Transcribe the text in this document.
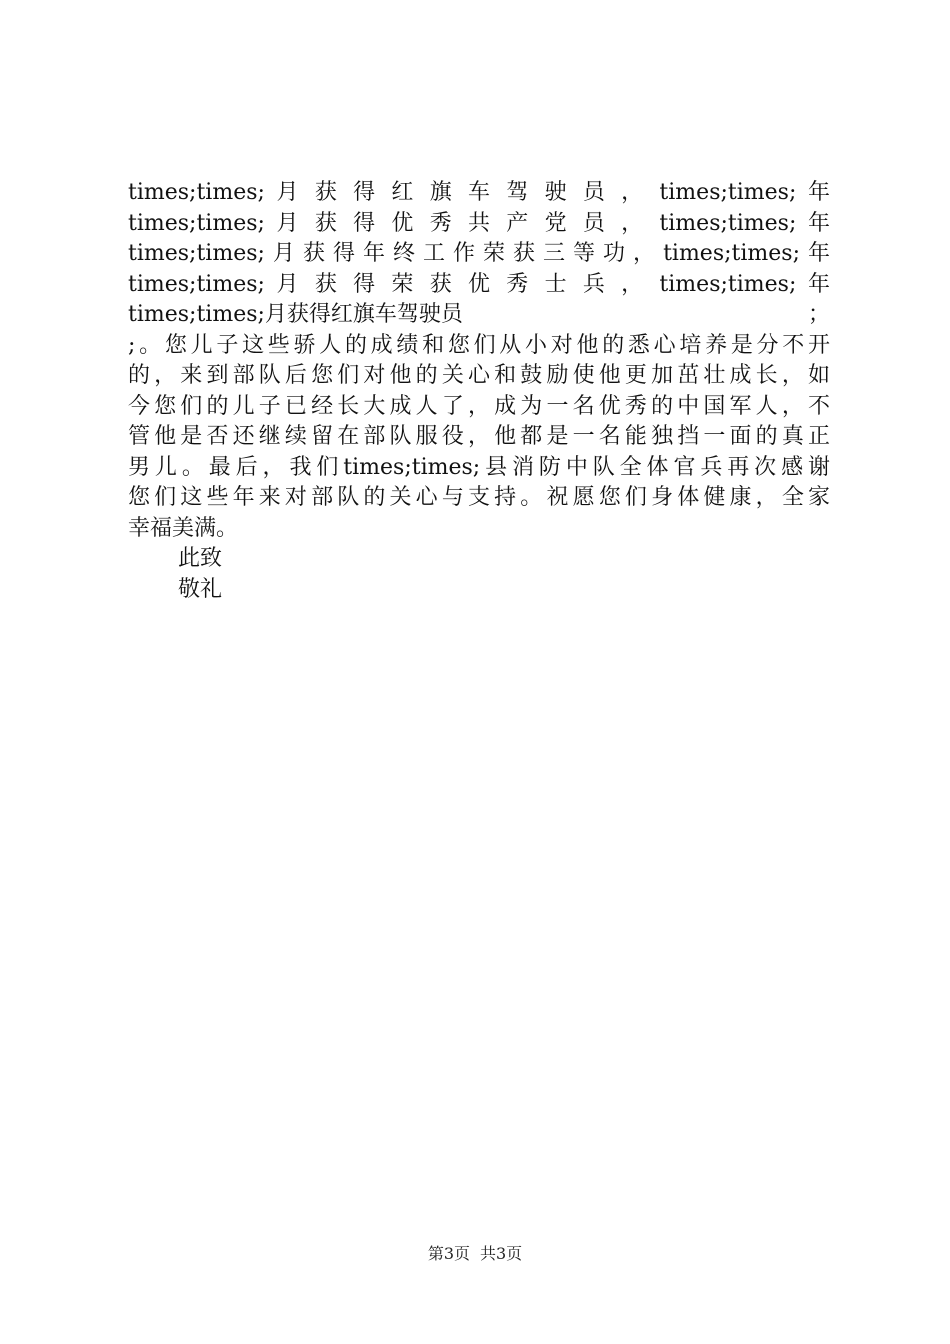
times;times; 月 获 得 红 旗 车 驾 驶 员 ， times;times; 年
times;times; 月 获 得 优 秀 共 产 党 员 ， times;times; 年
times;times;月获得年终工作荣获三等功，times;times;年
times;times; 月 获 得 荣 获 优 秀 士 兵 ， times;times; 年
times;times;月获得红旗车驾驶员	；
;。您儿子这些骄人的成绩和您们从小对他的悉心培养是分不开
的，来到部队后您们对他的关心和鼓励使他更加茁壮成长，如
今您们的儿子已经长大成人了，成为一名优秀的中国军人，不
管他是否还继续留在部队服役，他都是一名能独挡一面的真正
男儿。最后，我们times;times;县消防中队全体官兵再次感谢
您们这些年来对部队的关心与支持。祝愿您们身体健康，全家
幸福美满。
此致
敬礼
第3页 共3页
